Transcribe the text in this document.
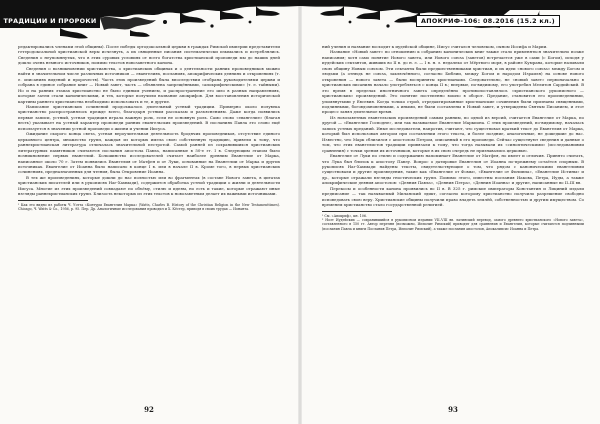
ТРАДИЦИИ И ПРОРОКИ

редактировались членами этой общины). После победы ортодоксальной церкви в граждах Римской империи представители гетеродоксальной христианской веры исчезнуть, а их священные писания систематически изымались и истреблялись. Сведения о неупомянутых, что в этих суровых условиях от всего богатства христианской проповеди мы до наших дней дошло очень немного источников, помимо текстов новозаветного канона.

Сведения о возникновении христианства, о христианских общинах и о деятельности ранних проповедников можно найти в значительном числе различных источников — евангелиях, посланиях, апокрифических деяниях и откровениях (т. е. описаниях видений и пророчеств). Часть этих произведений была впоследствии отобрана руководителями церкви и собрана в единое собрание книг — Новый завет, часть — объявлена запрещёнными, «апокрифическими» (т. е. тайными). Но и на ранних этапах христианство не было единым учением, и распространение его шло в разных направлениях, которые затем стали каноническими, и тех, которые получили название апокрифов. Для восстановления исторической картины раннего христианства необходимо использовать и те, и другие.

Написание христианских сочинений продолжалось длительный устный традиции. Примерно около полувека христианство распространялось прежде всего, благодаря устным рассказам и разъяснениям. Даже когда появились первые записи, устный, устная традиция играла важную роль, если не основную роль. Само слово «евангелие» (благая весть) указывает на устный характер проповеди ранних евангельских произведений. В посланиях Павла это слово ещё используется в значении устной проповеди о жизни и учении Иисуса.

Ожидание скорого конца света, устная вероучительная деятельность бродячих проповедников, отсутствие единого церковного центра, множество групп, каждая из которых имела свою собственную традицию, привели к тому, что раннехристианская литература отличалась значительной пестротой. Самой ранней из сохранившихся христианских литературных памятников считаются послания апостола Павла, написанные в 50-е гг. I в. Следующим этапом было возникновение первых евангелий. Большинство исследователей считает наиболее древним Евангелие от Марка, написанное около 70 г. Затем появились Евангелия от Матфея и от Луки, основанные на Евангелии от Марка и других источниках. Евангелие от Иоанна было написано в конце I в. или в начале II в. Кроме того, в первых христианских сочинениях, предназначенных для чтения, была Откровение Иоанна.

В тех же произведениях, которые дошли до нас полностью или во фрагментах (в составе Нового завета, в цитатах христианских писателей или в рукописях Наг-Хаммади), содержится обработка устной традиции о жизни и деятельности Иисуса. Многие из этих произведений совпадают по объёму, стилю и идеям, но есть и такие, которые отражают иные взгляды раннехристианских групп. Близость некоторых из этих текстов к новозаветным делает их важными источниками.

¹ Как это видно из работы Ч. Уотта «Контуры Евангелия Марка» (Watts, Charles B. History of the Christian Religion in the New Testamenttimes). Chicago, Ч. Watts & Co., 1956, р. 95. Пер. Др. Аналогичные исследования проводил и Х. Кёстер, приводя в своих трудах — Ионанта.

92
АПОКРИФ-106: 08.2016 (15.2 кл.)

ний учения и название восходит к иудейской общине, Иисус считался человеком, сыном Иосифа и Марии.

Название «Новый завет» по отношению к собранию канонических книг также стало применяться значительно позже написания; хотя само понятие Нового завета, или Нового союза (заветов) встречается уже в сами (с Богом), исходя у иудейских сектантов, живших во II в. до н. э. — I в. н. э. недалеко от Мёртвого моря, в районе Кумрана, которые называли свою общину Новым союзом. Эти сектанты были предшественниками христиан, и их идеи «нового союза» между Богом и людьми (а отнюдь не союза, заключённого, согласно Библии, между Богом и народом Израиля) на основе нового откровения — нового завета — были восприняты христианами. Следовательно, не «новый завет» первоначально в христианских писаниях начало употребляться с конца II в.; впервые, по-видимому, его употребил Мелитон Сардийский. В это время в пределах иноэтничного завета определённо противопоставлялось «христианского рукописного — христианских» произведений. Это понятие постепенно вошло в оборот. Предание, становится его произведениями, упомянутыми у Евсевия. Когда только строй, отредактированные христианские сочинения были признаны священными, подлинными, боговдохновенными, а иными, не были составлены в Новый завет, и утверждены Святым Писанием, и этот процесс занял длительное время.

Из новозаветных евангельских произведений самым ранним, по одной из версий, считается Евангелие от Марка, по другой — «Евангелие Господне», или так называемое Евангелие Маркиона. С этих произведений, по-видимому, началась запись устных преданий. Иные исследователи, напротив, считают, что существовал краткий текст до Евангелия от Марка, который был использован автором при составлении этого текста, и более поздние, аналогичные, не дошедшие до нас. Известно, что Марк сблизился с апостолом Петром, описанный в его проповеди. Сейчас существуют сведения и данные о том, что этих евангелистов традиции привязали к тому, что тогда называли их «синоптическими» (исследованиями сравнения) с точки зрения их источников, которые в их свою очередь не признавались церковью.

Евангелие от Луки по стилю и содержанию напоминает Евангелие от Матфея, но имеет и отличия. Принято считать, что Лука был близок к апостолу Павлу. Вопрос о датировке Евангелия от Иоанна по-прежнему остаётся спорным. В рукописях Наг-Хаммади найдены тексты, свидетельствующие о том, что рядом с каноническими евангелиями существовали и другие произведения, такие как «Евангелие от Фомы», «Евангелие от Филиппа», «Евангелие Истины» и др., которые отражали взгляды гностических групп. Помимо этого, известны послания Иакова, Петра, Иуды, а также апокрифические деяния апостолов: «Деяния Павла», «Деяния Петра», «Деяния Иоанна» и другие, написанные во II–III вв.

Перекосы и особенности канона проявились во II в. В 325 г. римские императоры Константин и Лициний издали предписание — так называемый Миланский эдикт, согласно которому христианство получило разрешение свободно исповедовать свою веру. Христианские общины получили право владеть землёй, собственностью и другим имуществом. Со временем христианство стало государственной религией.

¹ См. «Апокриф», кн. 106.

² Ноэт Иудейских — сохранившийся в рукописном издании VII–VIII вв. латинский перевод, самого древнего христианского «Нового завета», составленного в 150 гг. Автор перечня (возможно, Ипполит Римский) приводит для сравнения и Евангелия, которые считаются подлинными (послания Павла и книги Послания Петра, Ипполит Римский), а также послания апостолов, Апокалипсис Иоанна и Петра.

93
